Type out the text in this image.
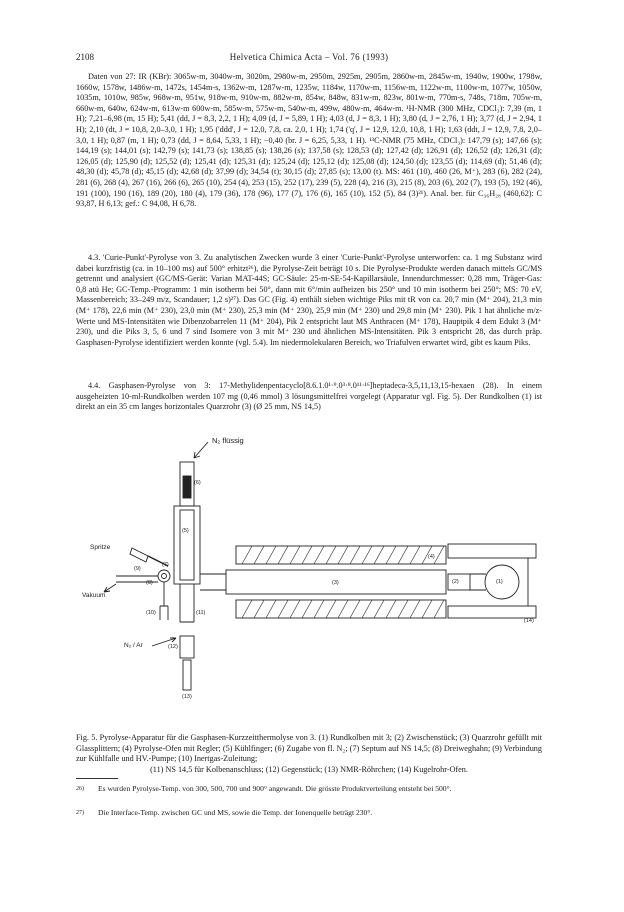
2108	Helvetica Chimica Acta – Vol. 76 (1993)

Daten von 27: IR (KBr): 3065w-m, 3040w-m, 3020m, 2980w-m, 2950m, 2925m, 2905m, 2860w-m, 2845w-m, 1940w, 1900w, 1798w, 1660w, 1578w, 1486w-m, 1472s, 1454m-s, 1362w-m, 1287w-m, 1235w, 1184w, 1170w-m, 1156w-m, 1122w-m, 1100w-m, 1077w, 1050w, 1035m, 1010w, 985w, 968w-m, 951w, 918w-m, 910w-m, 882w-m, 854w, 848w, 831w-m, 823w, 801w-m, 770m-s, 748s, 718m, 705w-m, 660w-m, 640w, 624w-m, 613w-m 600w-m, 585w-m, 575w-m, 540w-m, 499w, 480w-m, 464w-m. ¹H-NMR (300 MHz, CDCl₃): 7,39 (m, 1 H); 7,21–6,98 (m, 15 H); 5,41 (dd, J = 8,3, 2,2, 1 H); 4,09 (d, J = 5,89, 1 H); 4,03 (d, J = 8,3, 1 H); 3,80 (d, J = 2,76, 1 H); 3,77 (d, J = 2,94, 1 H); 2,10 (dt, J = 10,8, 2,0–3,0, 1 H); 1,95 ('ddd', J = 12,0, 7,8, ca. 2,0, 1 H); 1,74 ('q', J = 12,9, 12,0, 10,8, 1 H); 1,63 (ddt, J = 12,9, 7,8, 2,0–3,0, 1 H); 0,87 (m, 1 H); 0,73 (dd, J = 8,64, 5,33, 1 H); −0,40 (br. J = 6,25, 5,33, 1 H). ¹³C-NMR (75 MHz, CDCl₃): 147,79 (s); 147,66 (s); 144,19 (s); 144,01 (s); 142,79 (s); 141,73 (s); 138,85 (s); 138,26 (s); 137,58 (s); 128,53 (d); 127,42 (d); 126,91 (d); 126,52 (d); 126,31 (d); 126,05 (d); 125,90 (d); 125,52 (d); 125,41 (d); 125,31 (d); 125,24 (d); 125,12 (d); 125,08 (d); 124,50 (d); 123,55 (d); 114,69 (d); 51,46 (d); 48,30 (d); 45,78 (d); 45,15 (d); 42,68 (d); 37,99 (d); 34,54 (t); 30,15 (d); 27,85 (s); 13,00 (t). MS: 461 (10), 460 (26, M⁺), 283 (6), 282 (24), 281 (6), 268 (4), 267 (16), 266 (6), 265 (10), 254 (4), 253 (15), 252 (17), 239 (5), 228 (4), 216 (3), 215 (8), 203 (6), 202 (7), 193 (5), 192 (46), 191 (100), 190 (16), 189 (20), 180 (4), 179 (36), 178 (96), 177 (7), 176 (6), 165 (10), 152 (5), 84 (3)²¹). Anal. ber. für C₃₆H₂₈ (460,62): C 93,87, H 6,13; gef.: C 94,08, H 6,78.

4.3. 'Curie-Punkt'-Pyrolyse von 3. Zu analytischen Zwecken wurde 3 einer 'Curie-Punkt'-Pyrolyse unterworfen: ca. 1 mg Substanz wird dabei kurzfristig (ca. in 10–100 ms) auf 500° erhitzt²⁶), die Pyrolyse-Zeit beträgt 10 s. Die Pyrolyse-Produkte werden danach mittels GC/MS getrennt und analysiert (GC/MS-Gerät: Varian MAT-44S; GC-Säule: 25-m-SE-54-Kapillarsäule, Innendurchmesser: 0,28 mm, Träger-Gas: 0,8 atü He; GC-Temp.-Programm: 1 min isotherm bei 50°, dann mit 6°/min aufheizen bis 250° und 10 min isotherm bei 250°; MS: 70 eV, Massenbereich; 33–249 m/z, Scandauer; 1,2 s)²⁷). Das GC (Fig. 4) enthält sieben wichtige Piks mit tR von ca. 20,7 min (M⁺ 204), 21,3 min (M⁺ 178), 22,6 min (M⁺ 230), 23,0 min (M⁺ 230), 25,3 min (M⁺ 230), 25,9 min (M⁺ 230) und 29,8 min (M⁺ 230). Pik 1 hat ähnliche m/z-Werte und MS-Intensitäten wie Dibenzobarrelen 11 (M⁺ 204), Pik 2 entspricht laut MS Anthracen (M⁺ 178), Hauptpik 4 dem Edukt 3 (M⁺ 230), und die Piks 3, 5, 6 und 7 sind Isomere von 3 mit M⁺ 230 und ähnlichen MS-Intensitäten. Pik 3 entspricht 28, das durch präp. Gasphasen-Pyrolyse identifiziert werden konnte (vgl. 5.4). Im niedermolekularen Bereich, wo Triafulven erwartet wird, gibt es kaum Piks.

4.4. Gasphasen-Pyrolyse von 3: 17-Methylidenpentacyclo[8.6.1.0¹·⁹.0³·⁸.0¹¹·¹⁶]heptadeca-3,5,11,13,15-hexaen (28). In einem ausgeheizten 10-ml-Rundkolben werden 107 mg (0,46 mmol) 3 lösungsmittelfrei vorgelegt (Apparatur vgl. Fig. 5). Der Rundkolben (1) ist direkt an ein 35 cm langes horizontales Quarzrohr (3) (Ø 25 mm, NS 14,5)

N₂ flüssig
Spritze
Vakuum
N₂ / Ar
(6)
(5)
(9)
(8)
(7)
(10)	(11)
(12)
(13)
(3)
(4)
(2)	(1)
(14)
Fig. 5. Pyrolyse-Apparatur für die Gasphasen-Kurzzeitthermolyse von 3. (1) Rundkolben mit 3; (2) Zwischenstück; (3) Quarzrohr gefüllt mit Glassplittern; (4) Pyrolyse-Ofen mit Regler; (5) Kühlfinger; (6) Zugabe von fl. N₂; (7) Septum auf NS 14,5; (8) Dreiweghahn; (9) Verbindung zur Kühlfalle und HV.-Pumpe; (10) Inertgas-Zuleitung;
(11) NS 14,5 für Kolbenanschluss; (12) Gegenstück; (13) NMR-Röhrchen; (14) Kugelrohr-Ofen.
26)	Es wurden Pyrolyse-Temp. von 300, 500, 700 und 900° angewandt. Die grösste Produktverteilung entsteht bei 500°.
27)	Die Interface-Temp. zwischen GC und MS, sowie die Temp. der Ionenquelle beträgt 230°.
